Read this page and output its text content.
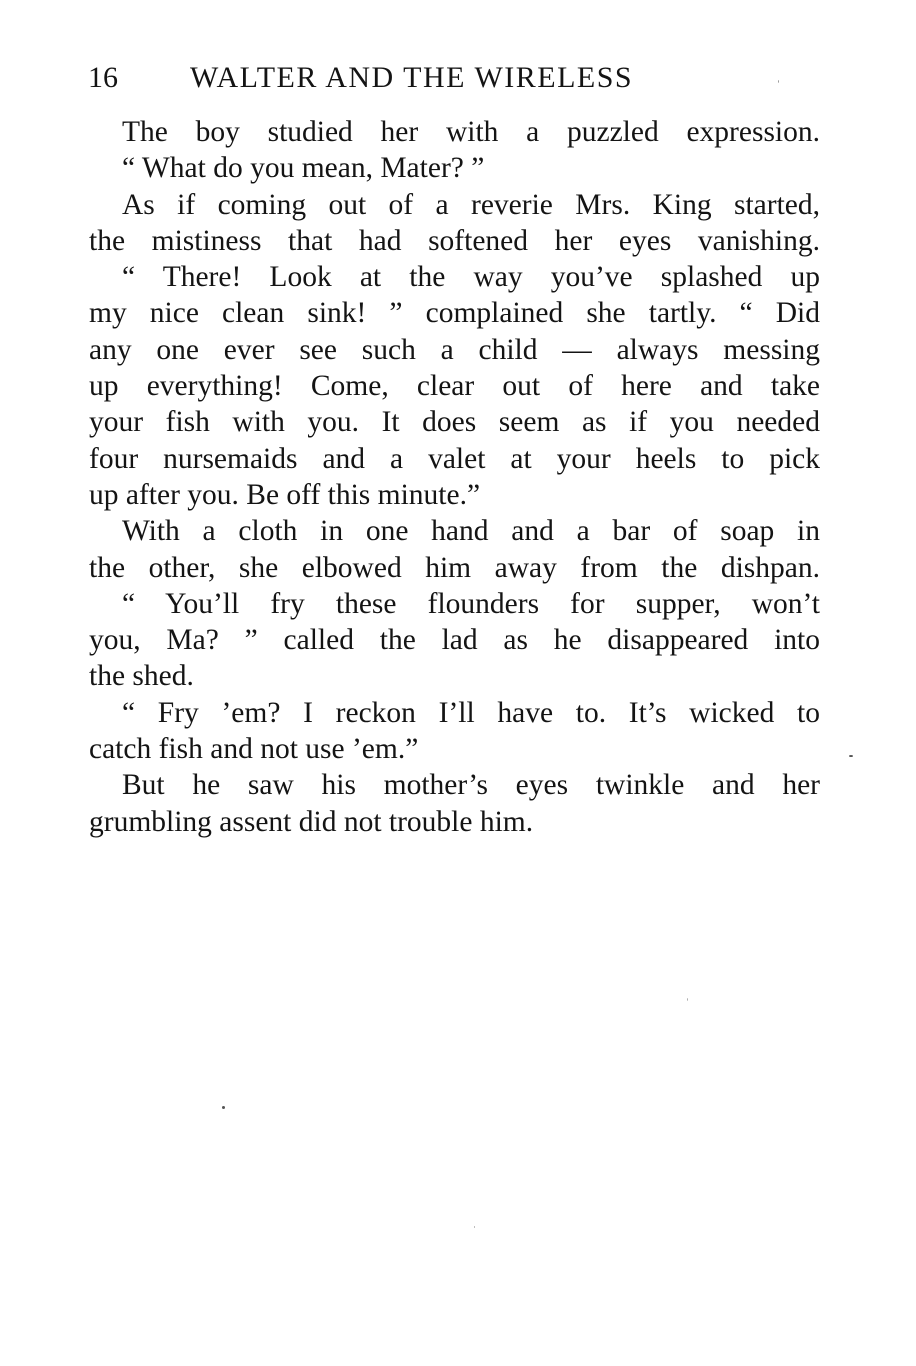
16 WALTER AND THE WIRELESS
The boy studied her with a puzzled expression.
“ What do you mean, Mater? ”
As if coming out of a reverie Mrs. King started,
the mistiness that had softened her eyes vanishing.
“ There! Look at the way you’ve splashed up
my nice clean sink! ” complained she tartly. “ Did
any one ever see such a child — always messing
up everything! Come, clear out of here and take
your fish with you. It does seem as if you needed
four nursemaids and a valet at your heels to pick
up after you. Be off this minute.”
With a cloth in one hand and a bar of soap in
the other, she elbowed him away from the dishpan.
“ You’ll fry these flounders for supper, won’t
you, Ma? ” called the lad as he disappeared into
the shed.
“ Fry ’em? I reckon I’ll have to. It’s wicked to
catch fish and not use ’em.”
But he saw his mother’s eyes twinkle and her
grumbling assent did not trouble him.
